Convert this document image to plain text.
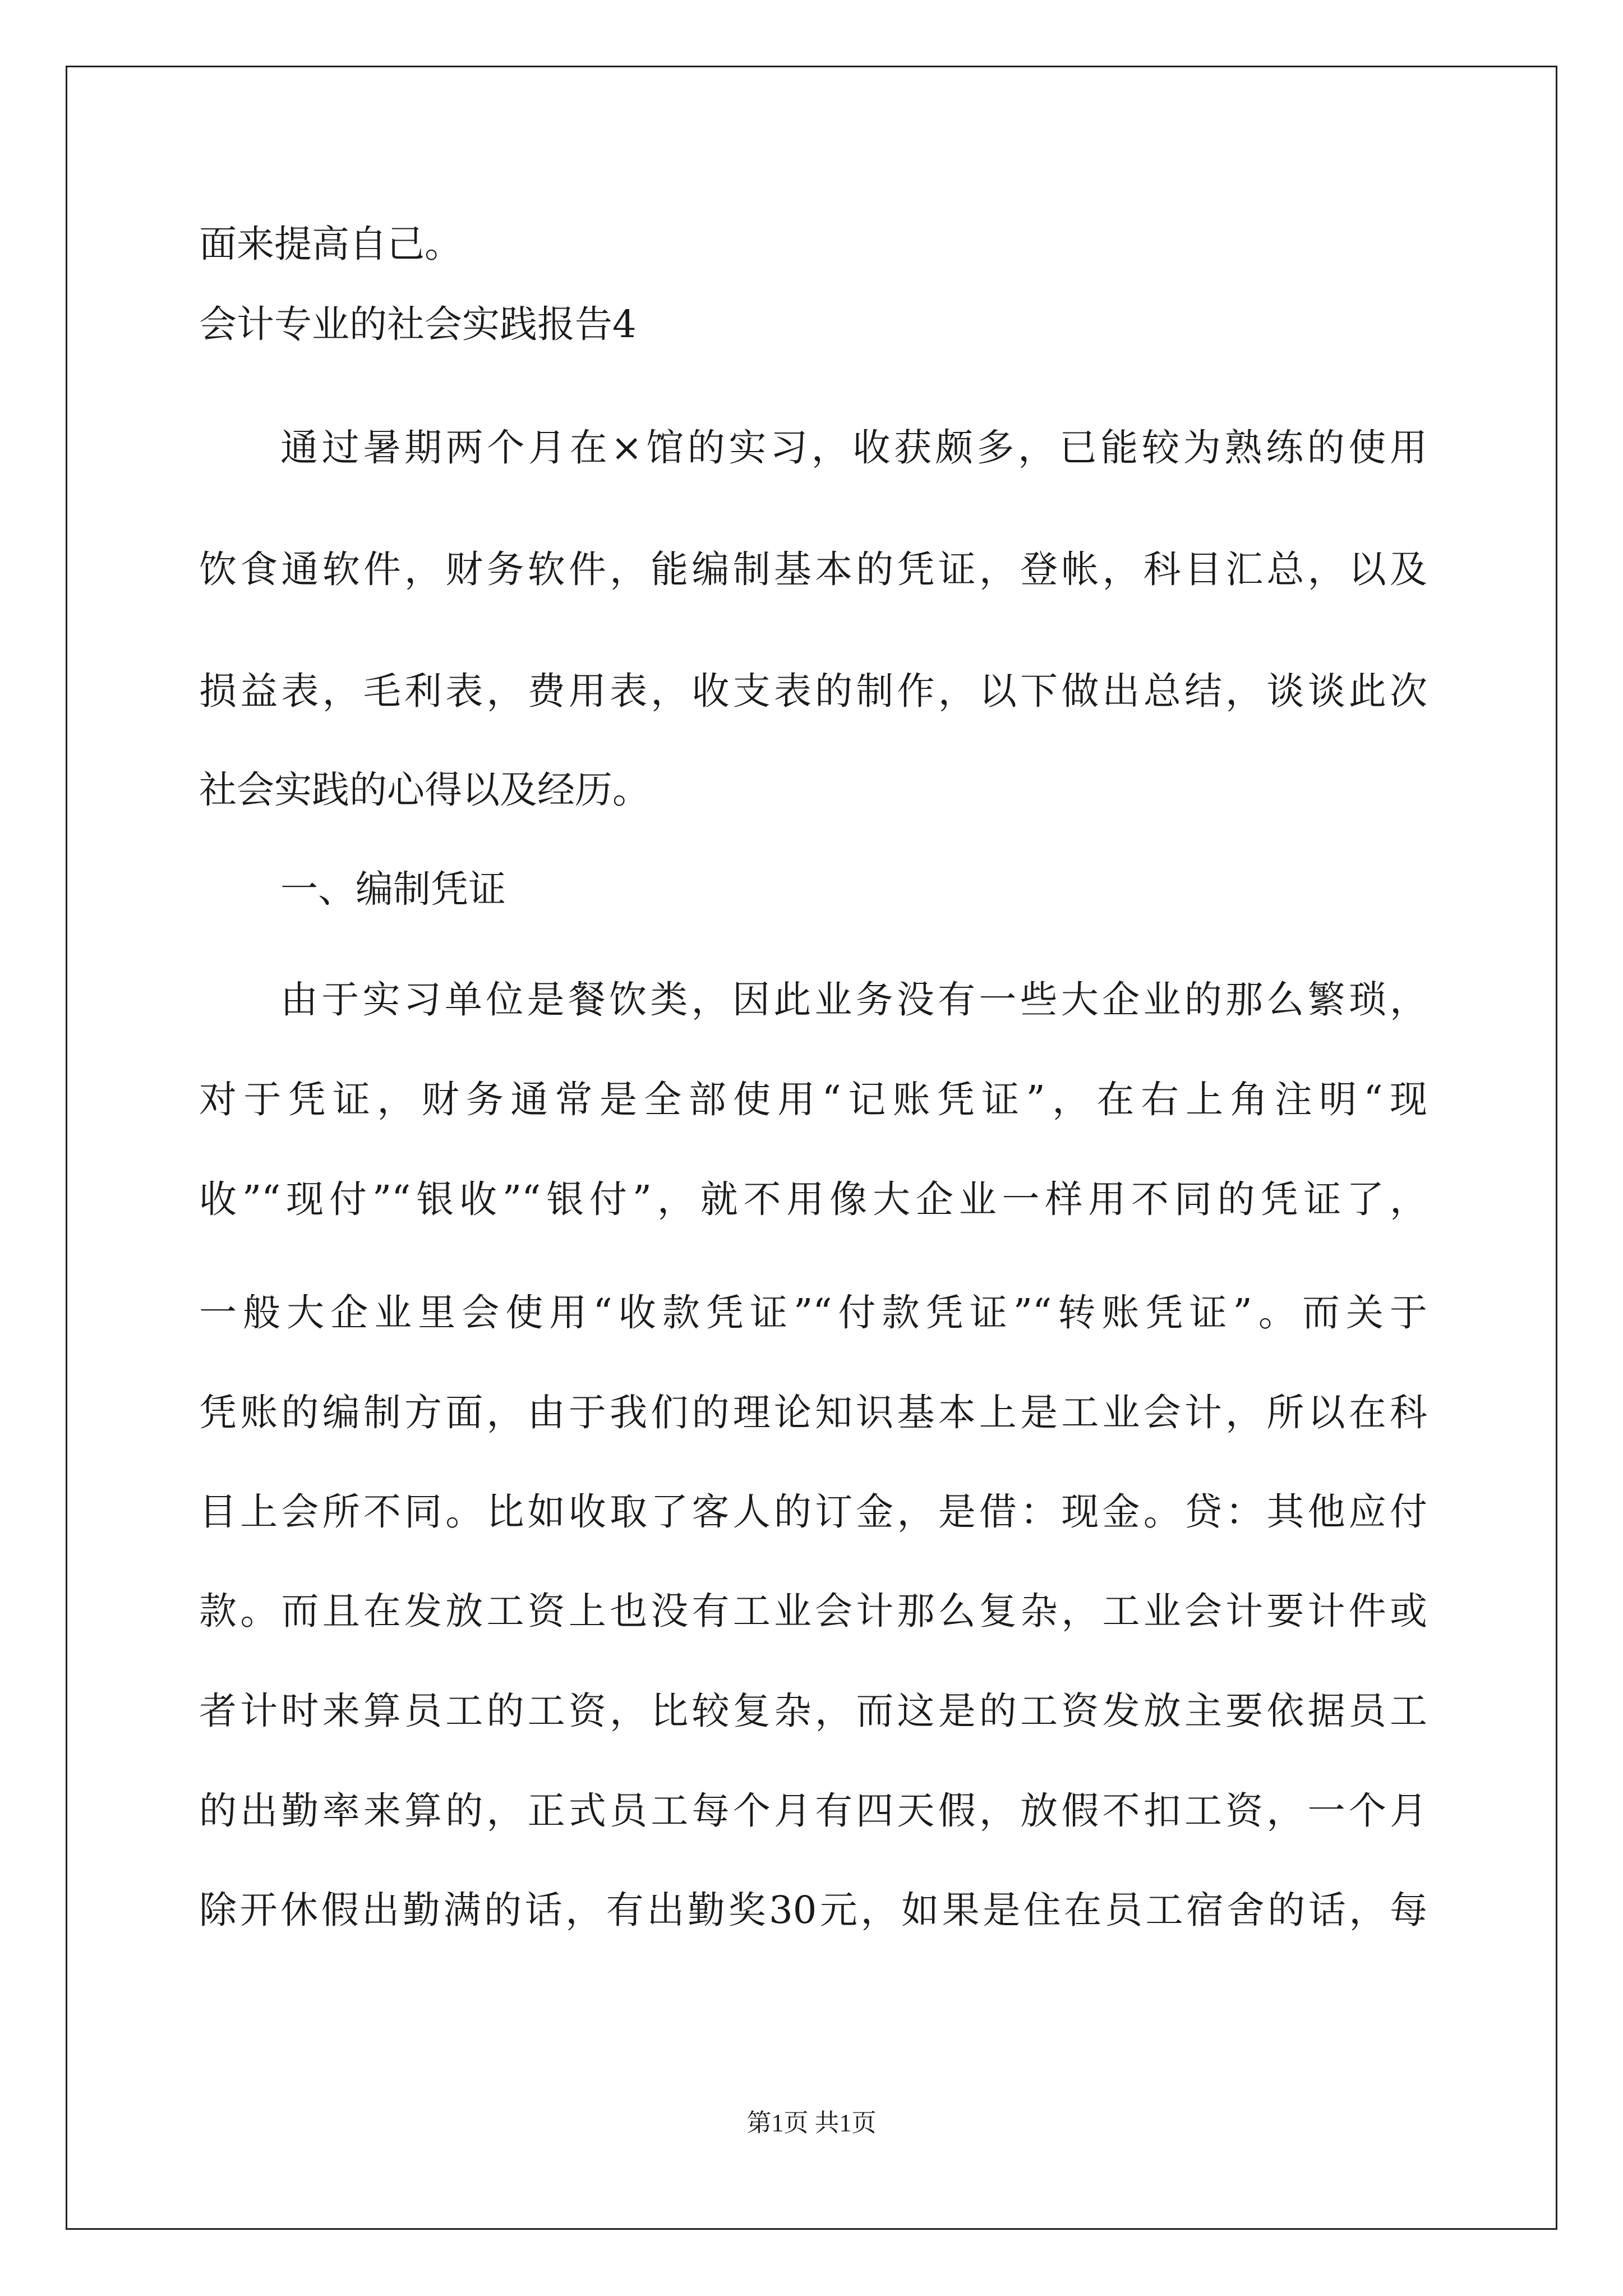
面来提高自己。
会计专业的社会实践报告4
通过暑期两个月在×馆的实习，收获颇多，已能较为熟练的使用
饮食通软件，财务软件，能编制基本的凭证，登帐，科目汇总，以及
损益表，毛利表，费用表，收支表的制作，以下做出总结，谈谈此次
社会实践的心得以及经历。
一、编制凭证
由于实习单位是餐饮类，因此业务没有一些大企业的那么繁琐，
对于凭证，财务通常是全部使用“记账凭证”，在右上角注明“现
收”“现付”“银收”“银付”，就不用像大企业一样用不同的凭证了，
一般大企业里会使用“收款凭证”“付款凭证”“转账凭证”。而关于
凭账的编制方面，由于我们的理论知识基本上是工业会计，所以在科
目上会所不同。比如收取了客人的订金，是借：现金。贷：其他应付
款。而且在发放工资上也没有工业会计那么复杂，工业会计要计件或
者计时来算员工的工资，比较复杂，而这是的工资发放主要依据员工
的出勤率来算的，正式员工每个月有四天假，放假不扣工资，一个月
除开休假出勤满的话，有出勤奖30元，如果是住在员工宿舍的话，每
第1页 共1页
